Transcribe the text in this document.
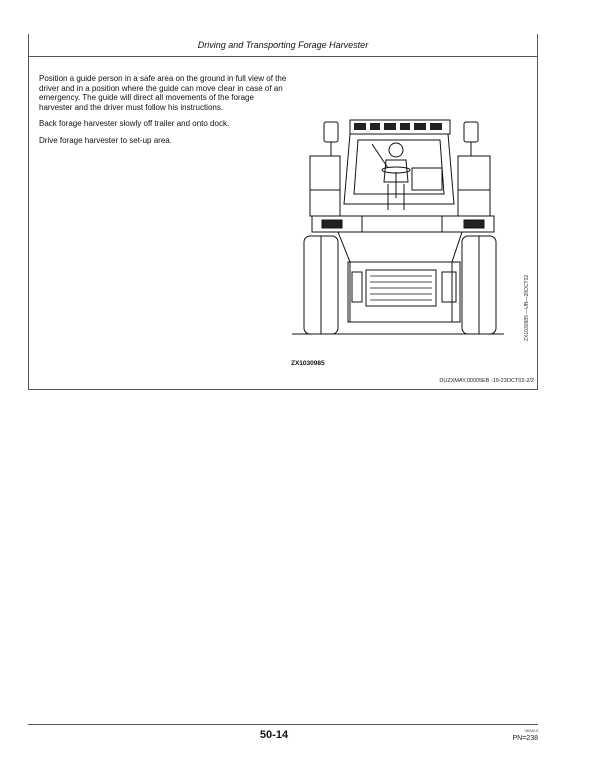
Driving and Transporting Forage Harvester

Position a guide person in a safe area on the ground in full view of the driver and in a position where the guide can move clear in case of an emergency. The guide will direct all movements of the forage harvester and the driver must follow his instructions.

Back forage harvester slowly off trailer and onto dock.

Drive forage harvester to set-up area.

ZX1030985
ZX1030985 —UN—28OCT02
DUZXMAY,00005EB -19-23OCT02-2/2
50-14	062813
PN=238
